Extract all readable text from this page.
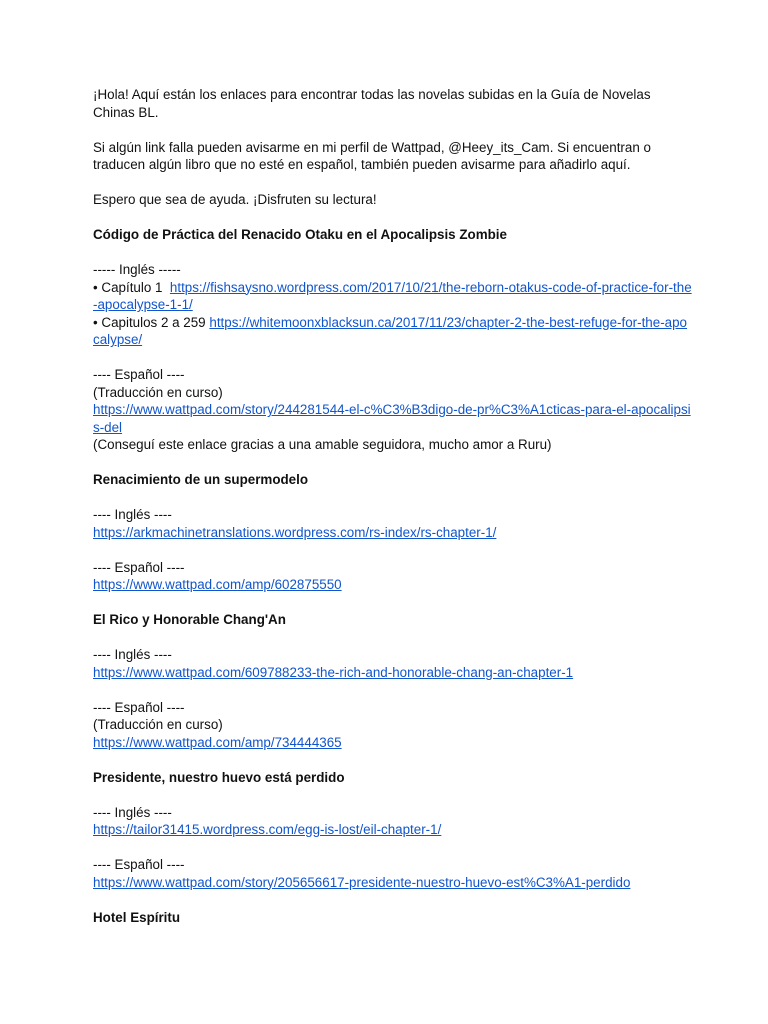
¡Hola! Aquí están los enlaces para encontrar todas las novelas subidas en la Guía de Novelas Chinas BL.

Si algún link falla pueden avisarme en mi perfil de Wattpad, @Heey_its_Cam. Si encuentran o traducen algún libro que no esté en español, también pueden avisarme para añadirlo aquí.

Espero que sea de ayuda. ¡Disfruten su lectura!

Código de Práctica del Renacido Otaku en el Apocalipsis Zombie

----- Inglés -----

• Capítulo 1 https://fishsaysno.wordpress.com/2017/10/21/the-reborn-otakus-code-of-practice-for-the-apocalypse-1-1/

• Capitulos 2 a 259 https://whitemoonxblacksun.ca/2017/11/23/chapter-2-the-best-refuge-for-the-apocalypse/

---- Español ----

(Traducción en curso)

https://www.wattpad.com/story/244281544-el-c%C3%B3digo-de-pr%C3%A1cticas-para-el-apocalipsis-del

(Conseguí este enlace gracias a una amable seguidora, mucho amor a Ruru)

Renacimiento de un supermodelo

---- Inglés ----

https://arkmachinetranslations.wordpress.com/rs-index/rs-chapter-1/

---- Español ----

https://www.wattpad.com/amp/602875550

El Rico y Honorable Chang'An

---- Inglés ----

https://www.wattpad.com/609788233-the-rich-and-honorable-chang-an-chapter-1

---- Español ----

(Traducción en curso)

https://www.wattpad.com/amp/734444365

Presidente, nuestro huevo está perdido

---- Inglés ----

https://tailor31415.wordpress.com/egg-is-lost/eil-chapter-1/

---- Español ----

https://www.wattpad.com/story/205656617-presidente-nuestro-huevo-est%C3%A1-perdido

Hotel Espíritu
